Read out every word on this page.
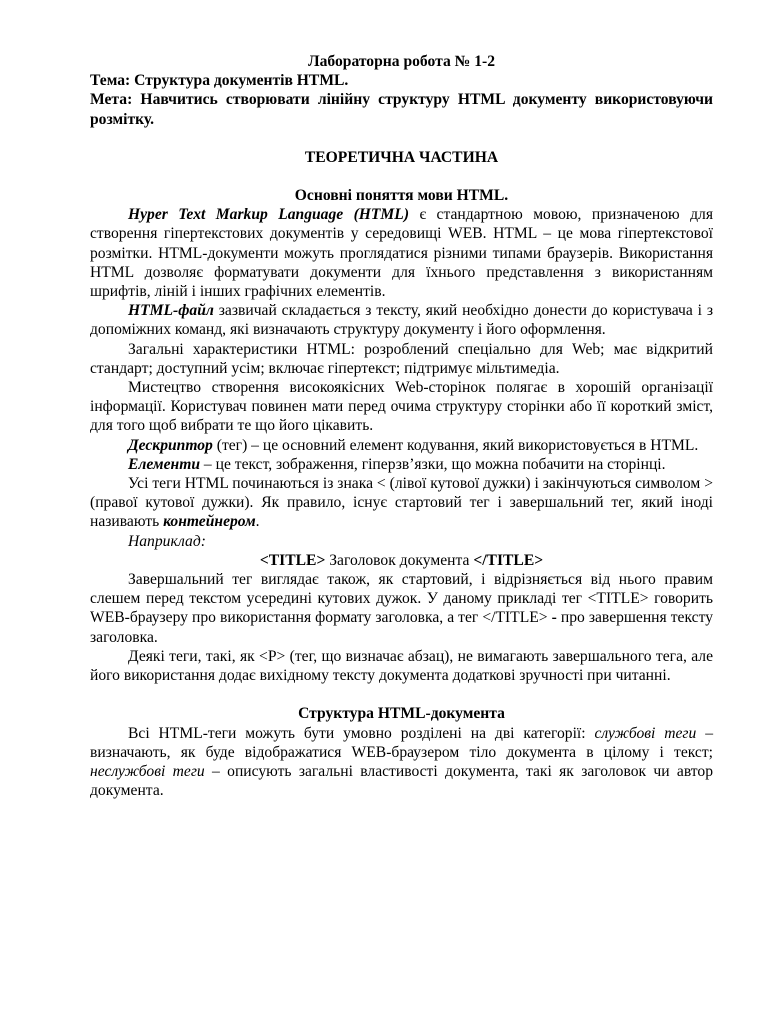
Лабораторна робота № 1-2

Тема: Структура документів HTML.

Мета: Навчитись створювати лінійну структуру HTML документу використовуючи розмітку.

ТЕОРЕТИЧНА ЧАСТИНА

Основні поняття мови HTML.

Hyper Text Markup Language (HTML) є стандартною мовою, призначеною для створення гіпертекстових документів у середовищі WEB. HTML – це мова гіпертекстової розмітки. HTML-документи можуть проглядатися різними типами браузерів. Використання HTML дозволяє форматувати документи для їхнього представлення з використанням шрифтів, ліній і інших графічних елементів.

HTML-файл зазвичай складається з тексту, який необхідно донести до користувача і з допоміжних команд, які визначають структуру документу і його оформлення.

Загальні характеристики HTML: розроблений спеціально для Web; має відкритий стандарт; доступний усім; включає гіпертекст; підтримує мільтимедіа.

Мистецтво створення високоякісних Web-сторінок полягає в хорошій організації інформації. Користувач повинен мати перед очима структуру сторінки або її короткий зміст, для того щоб вибрати те що його цікавить.

Дескриптор (тег) – це основний елемент кодування, який використовується в HTML.

Елементи – це текст, зображення, гіперзв’язки, що можна побачити на сторінці.

Усі теги HTML починаються із знака < (лівої кутової дужки) і закінчуються символом > (правої кутової дужки). Як правило, існує стартовий тег і завершальний тег, який іноді називають контейнером.

Наприклад:

<TITLE> Заголовок документа </TITLE>

Завершальний тег виглядає також, як стартовий, і відрізняється від нього правим слешем перед текстом усередині кутових дужок. У даному прикладі тег <TITLE> говорить WEB-браузеру про використання формату заголовка, а тег </TITLE> - про завершення тексту заголовка.

Деякі теги, такі, як <P> (тег, що визначає абзац), не вимагають завершального тега, але його використання додає вихідному тексту документа додаткові зручності при читанні.

Структура HTML-документа

Всі HTML-теги можуть бути умовно розділені на дві категорії: службові теги – визначають, як буде відображатися WEB-браузером тіло документа в цілому і текст; неслужбові теги – описують загальні властивості документа, такі як заголовок чи автор документа.
